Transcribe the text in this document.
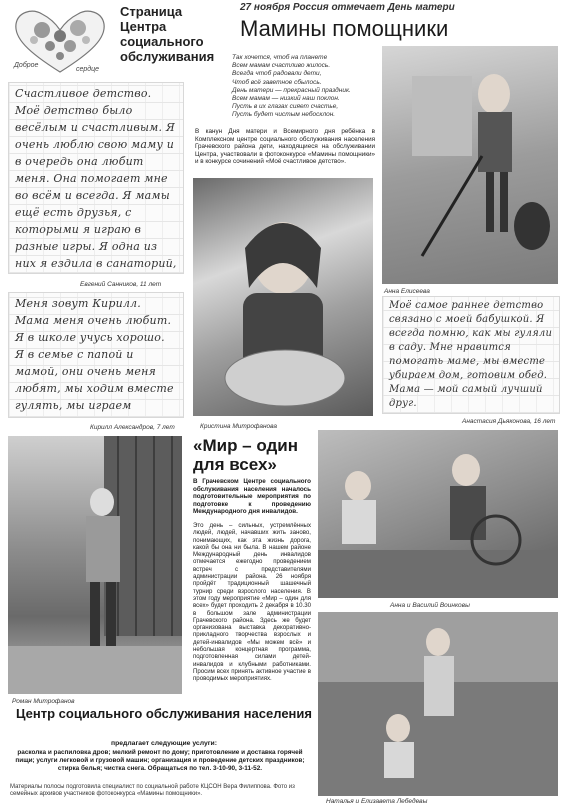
Доброе
сердце
Страница Центра социального обслуживания
27 ноября Россия отмечает День матери
Мамины помощники
Так хочется, чтоб на планете
Всем мамам счастливо жилось.
Всегда чтоб радовали дети,
Чтоб всё заветное сбылось.
День матери — прекрасный праздник.
Всем мамам — низкий наш поклон.
Пусть в их глазах сияет счастье,
Пусть будет чистым небосклон.
В канун Дня матери и Всемирного дня ребёнка в Комплексном центре социального обслуживания населения Грачевского района дети, находящиеся на обслуживании Центра, участвовали в фотоконкурсе «Мамины помощники» и в конкурсе сочинений «Моё счастливое детство».

Счастливое детство. Моё детство было весёлым и счастливым. Я очень люблю свою маму и в очередь она любит меня. Она помогает мне во всём и всегда. Я мамы ещё есть друзья, с которыми я играю в разные игры. Я одна из них я ездила в санаторий,

Евгений Санников, 11 лет

Меня зовут Кирилл. Мама меня очень любит. Я в школе учусь хорошо. Я в семье с папой и мамой, они очень меня любят, мы ходим вместе гулять, мы играем

Кирилл Александров, 7 лет	Кристина Митрофанова
Анна Елисеева

Моё самое раннее детство связано с моей бабушкой. Я всегда помню, как мы гуляли в саду. Мне нравится помогать маме, мы вместе убираем дом, готовим обед. Мама — мой самый лучший друг.

Анастасия Дьяконова, 16 лет
Роман Митрофанов
«Мир – один для всех»
В Грачевском Центре социального обслуживания населения началось подготовительные мероприятия по подготовке к проведению Международного дня инвалидов.
Это день – сильных, устремлённых людей, людей, начавших жить заново, понимающих, как эта жизнь дорога, какой бы она ни была. В нашем районе Международный день инвалидов отмечается ежегодно проведением встреч с представителями администрации района. 26 ноября пройдёт традиционный шашечный турнир среди взрослого населения. В этом году мероприятие «Мир – один для всех» будет проходить 2 декабря в 10.30 в большом зале администрации Грачевского района. Здесь же будет организована выставка декоративно-прикладного творчества взрослых и детей-инвалидов «Мы можем всё» и небольшая концертная программа, подготовленная силами детей-инвалидов и клубными работниками. Просим всех принять активное участие в проводимых мероприятиях.
Анна и Василий Воинковы
Наталья и Елизавета Лебедевы
Центр социального обслуживания населения
предлагает следующие услуги:
расколка и распиловка дров; мелкий ремонт по дому; приготовление и доставка горячей пищи; услуги легковой и грузовой машин; организация и проведение детских праздников; стирка белья; чистка снега. Обращаться по тел. 3-10-90, 3-11-52.
Материалы полосы подготовила специалист по социальной работе КЦСОН Вера Филиппова. Фото из семейных архивов участников фотоконкурса «Мамины помощники».
